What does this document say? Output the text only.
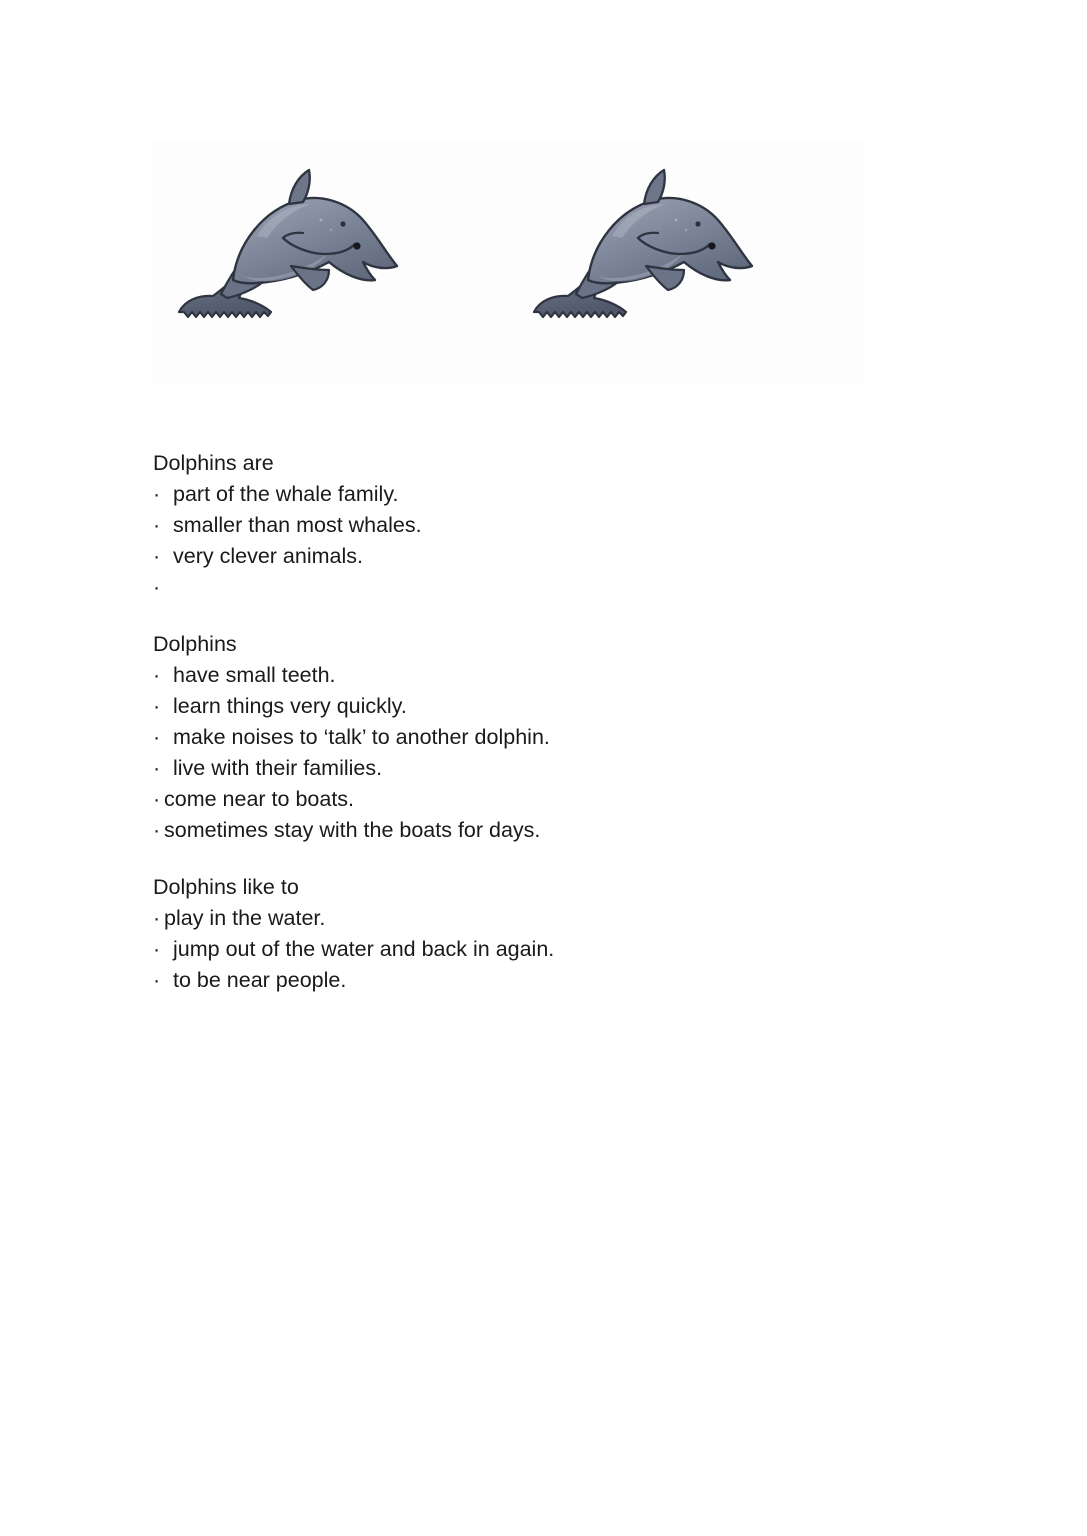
Dolphins are
· part of the whale family.
· smaller than most whales.
· very clever animals.
·
Dolphins
· have small teeth.
· learn things very quickly.
· make noises to ‘talk’ to another dolphin.
· live with their families.
· come near to boats.
· sometimes stay with the boats for days.
Dolphins like to
· play in the water.
· jump out of the water and back in again.
· to be near people.
